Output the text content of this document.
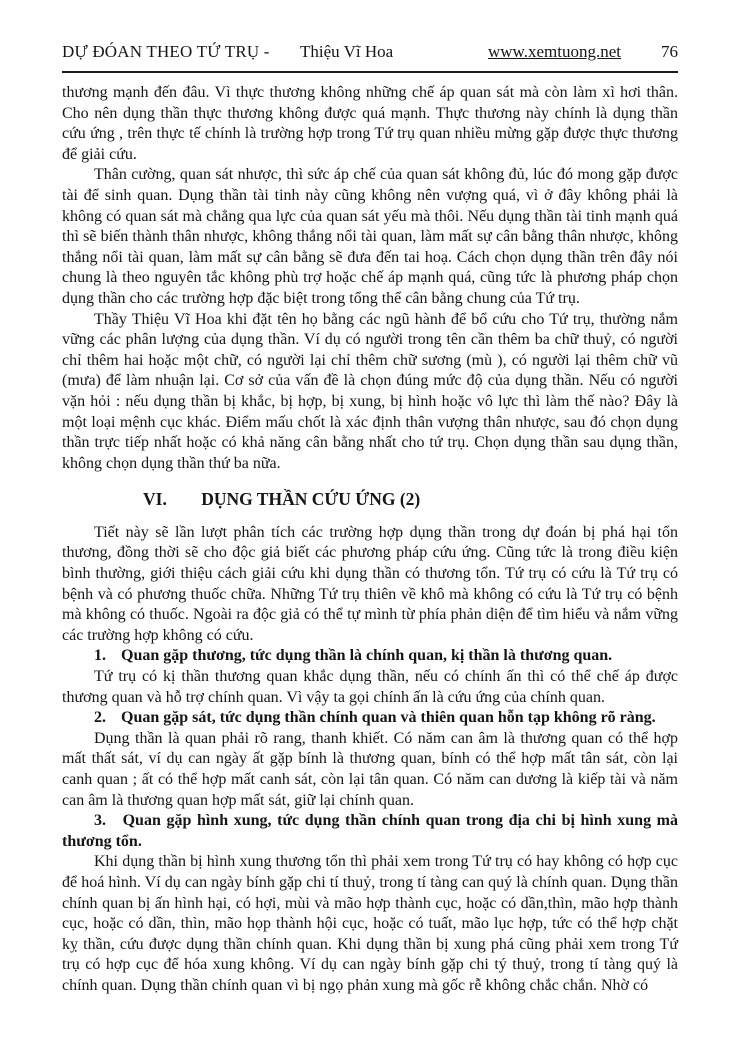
DỰ ĐÓAN THEO TỨ TRỤ -	Thiệu Vĩ Hoa	www.xemtuong.net	76

thương mạnh đến đâu. Vì thực thương không những chế áp quan sát mà còn làm xì hơi thân. Cho nên dụng thần thực thương không được quá mạnh. Thực thương này chính là dụng thần cứu ứng , trên thực tế chính là trường hợp trong Tứ trụ quan nhiều mừng gặp được thực thương để giải cứu.

Thân cường, quan sát nhược, thì sức áp chế của quan sát không đủ, lúc đó mong gặp được tài để sinh quan. Dụng thần tài tinh này cũng không nên vượng quá, vì ở đây không phải là không có quan sát mà chẳng qua lực của quan sát yếu mà thôi. Nếu dụng thần tài tinh mạnh quá thì sẽ biến thành thân nhược, không thắng nổi tài quan, làm mất sự cân bằng thân nhược, không thắng nổi tài quan, làm mất sự cân bằng sẽ đưa đến tai hoạ. Cách chọn dụng thần trên đây nói chung là theo nguyên tắc không phù trợ hoặc chế áp mạnh quá, cũng tức là phương pháp chọn dụng thần cho các trường hợp đặc biệt trong tổng thể cân bằng chung của Tứ trụ.

Thầy Thiệu Vĩ Hoa khi đặt tên họ bằng các ngũ hành để bổ cứu cho Tứ trụ, thường nắm vững các phân lượng của dụng thần. Ví dụ có người trong tên cần thêm ba chữ thuỷ, có người chỉ thêm hai hoặc một chữ, có người lại chỉ thêm chữ sương (mù ), có người lại thêm chữ vũ (mưa) để làm nhuận lại. Cơ sở của vấn đề là chọn đúng mức độ của dụng thần. Nếu có người vặn hỏi : nếu dụng thần bị khắc, bị hợp, bị xung, bị hình hoặc vô lực thì làm thế nào? Đây là một loại mệnh cục khác. Điểm mấu chốt là xác định thân vượng thân nhược, sau đó chọn dụng thần trực tiếp nhất hoặc có khả năng cân bằng nhất cho tứ trụ. Chọn dụng thần sau dụng thần, không chọn dụng thần thứ ba nữa.

VI. DỤNG THẦN CỨU ỨNG (2)

Tiết này sẽ lần lượt phân tích các trường hợp dụng thần trong dự đoán bị phá hại tổn thương, đồng thời sẽ cho độc giả biết các phương pháp cứu ứng. Cũng tức là trong điều kiện bình thường, giới thiệu cách giải cứu khi dụng thần có thương tổn. Tứ trụ có cứu là Tứ trụ có bệnh và có phương thuốc chữa. Những Tứ trụ thiên về khô mà không có cứu là Tứ trụ có bệnh mà không có thuốc. Ngoài ra độc giả có thể tự mình từ phía phản diện để tìm hiểu và nắm vững các trường hợp không có cứu.

1. Quan gặp thương, tức dụng thần là chính quan, kị thần là thương quan.

Tứ trụ có kị thần thương quan khắc dụng thần, nếu có chính ấn thì có thể chế áp được thương quan và hỗ trợ chính quan. Vì vậy ta gọi chính ấn là cứu ứng của chính quan.

2. Quan gặp sát, tức dụng thần chính quan và thiên quan hỗn tạp không rõ ràng.

Dụng thần là quan phải rõ rang, thanh khiết. Có năm can âm là thương quan có thể hợp mất thất sát, ví dụ can ngày ất gặp bính là thương quan, bính có thể hợp mất tân sát, còn lại canh quan ; ất có thể hợp mất canh sát, còn lại tân quan. Có năm can dương là kiếp tài và năm can âm là thương quan hợp mất sát, giữ lại chính quan.

3. Quan gặp hình xung, tức dụng thần chính quan trong địa chi bị hình xung mà thương tổn.

Khi dụng thần bị hình xung thương tổn thì phải xem trong Tứ trụ có hay không có hợp cục để hoá hình. Ví dụ can ngày bính gặp chi tí thuỷ, trong tí tàng can quý là chính quan. Dụng thần chính quan bị ấn hình hại, có hợi, mùi và mão hợp thành cục, hoặc có dần,thìn, mão hợp thành cục, hoặc có dần, thìn, mão họp thành hội cục, hoặc có tuất, mão lục hợp, tức có thể hợp chặt kỵ thần, cứu được dụng thần chính quan. Khi dụng thần bị xung phá cũng phải xem trong Tứ trụ có hợp cục để hóa xung không. Ví dụ can ngày bính gặp chi tý thuỷ, trong tí tàng quý là chính quan. Dụng thần chính quan vì bị ngọ phản xung mà gốc rễ không chắc chắn. Nhờ có
